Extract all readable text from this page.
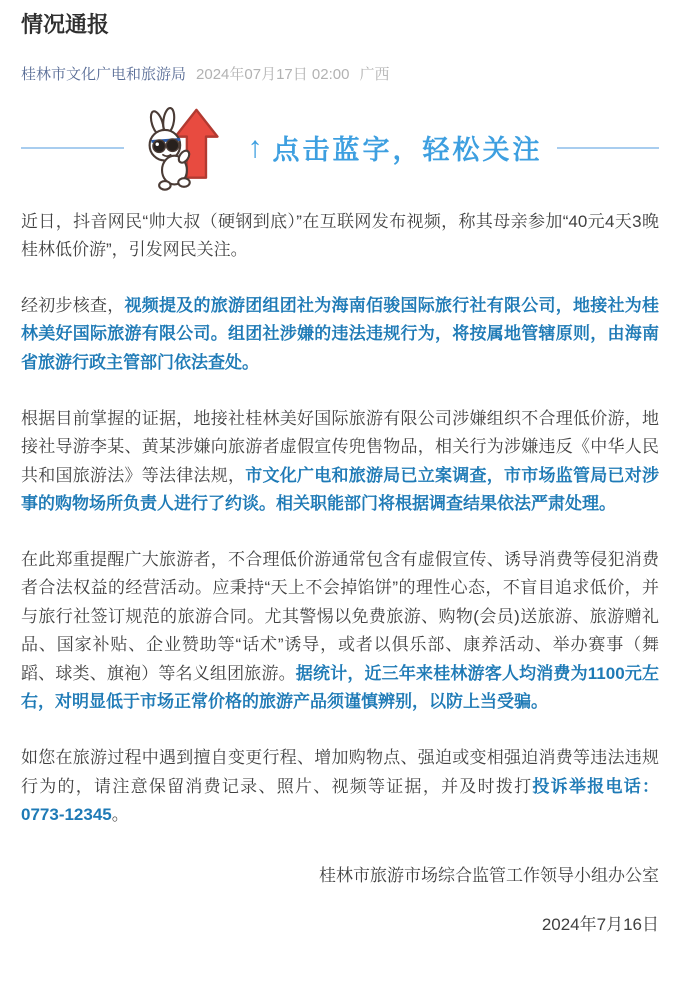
情况通报
桂林市文化广电和旅游局 2024年07月17日 02:00 广西
↑ 点击蓝字，轻松关注

近日，抖音网民“帅大叔（硬钢到底）”在互联网发布视频，称其母亲参加“40元4天3晚桂林低价游”，引发网民关注。

经初步核查，视频提及的旅游团组团社为海南佰骏国际旅行社有限公司，地接社为桂林美好国际旅游有限公司。组团社涉嫌的违法违规行为，将按属地管辖原则，由海南省旅游行政主管部门依法查处。

根据目前掌握的证据，地接社桂林美好国际旅游有限公司涉嫌组织不合理低价游，地接社导游李某、黄某涉嫌向旅游者虚假宣传兜售物品，相关行为涉嫌违反《中华人民共和国旅游法》等法律法规，市文化广电和旅游局已立案调查，市市场监管局已对涉事的购物场所负责人进行了约谈。相关职能部门将根据调查结果依法严肃处理。

在此郑重提醒广大旅游者，不合理低价游通常包含有虚假宣传、诱导消费等侵犯消费者合法权益的经营活动。应秉持“天上不会掉馅饼”的理性心态，不盲目追求低价，并与旅行社签订规范的旅游合同。尤其警惕以免费旅游、购物(会员)送旅游、旅游赠礼品、国家补贴、企业赞助等“话术”诱导，或者以俱乐部、康养活动、举办赛事（舞蹈、球类、旗袍）等名义组团旅游。据统计，近三年来桂林游客人均消费为1100元左右，对明显低于市场正常价格的旅游产品须谨慎辨别，以防上当受骗。

如您在旅游过程中遇到擅自变更行程、增加购物点、强迫或变相强迫消费等违法违规行为的，请注意保留消费记录、照片、视频等证据，并及时拨打投诉举报电话：0773-12345。

桂林市旅游市场综合监管工作领导小组办公室

2024年7月16日
